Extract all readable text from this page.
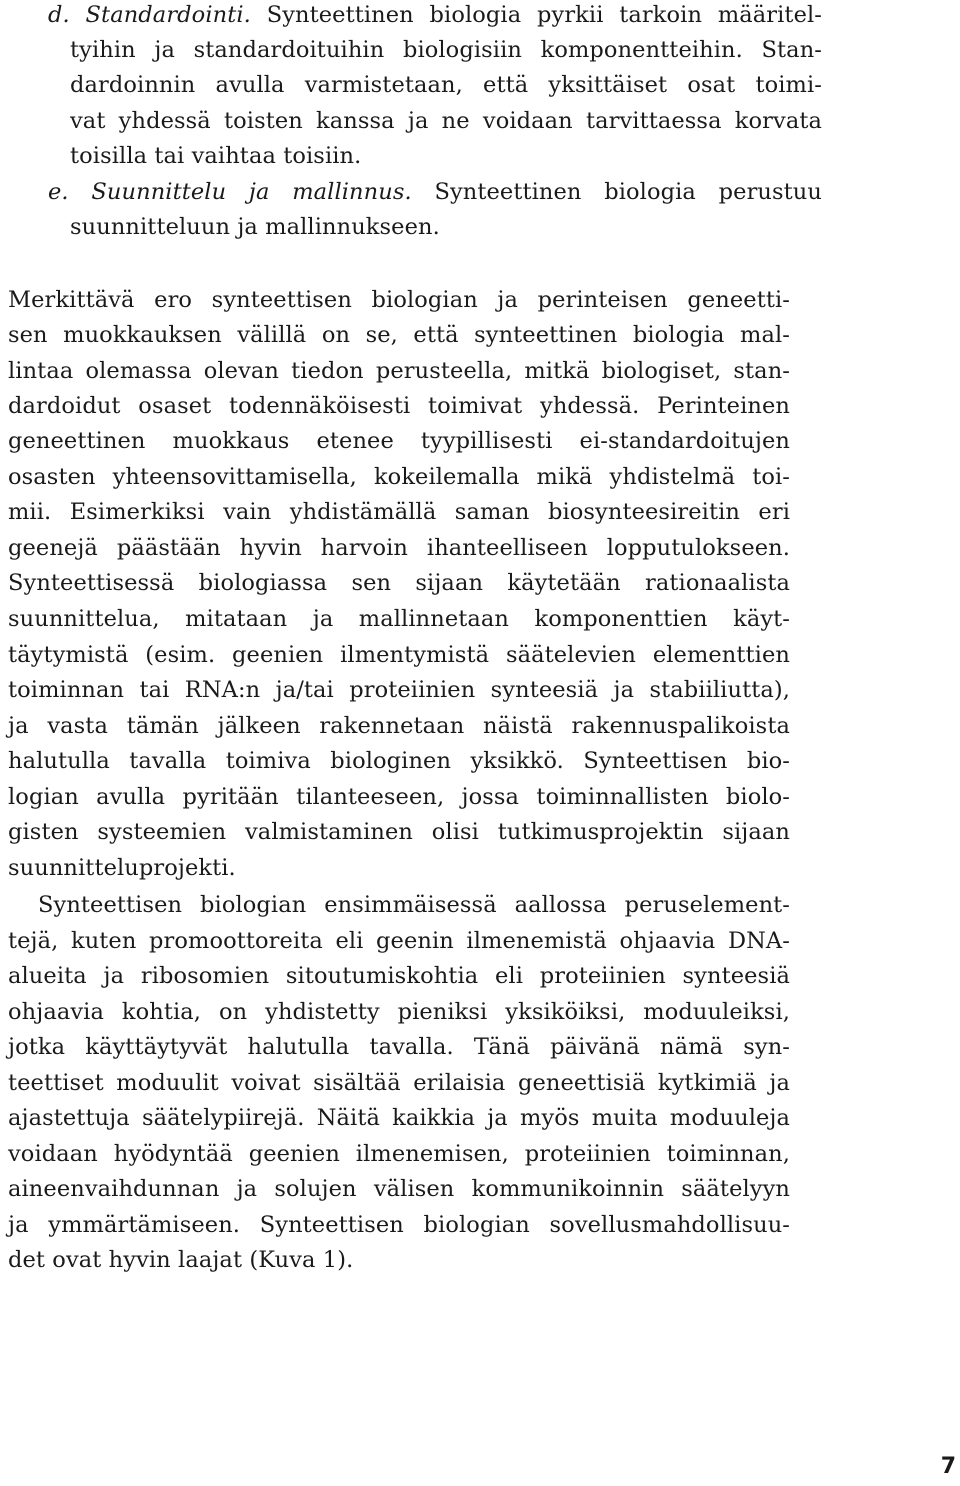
d. Standardointi. Synteettinen biologia pyrkii tarkoin määritel-
tyihin ja standardoituihin biologisiin komponentteihin. Stan-
dardoinnin avulla varmistetaan, että yksittäiset osat toimi-
vat yhdessä toisten kanssa ja ne voidaan tarvittaessa korvata
toisilla tai vaihtaa toisiin.
e. Suunnittelu ja mallinnus. Synteettinen biologia perustuu
suunnitteluun ja mallinnukseen.
Merkittävä ero synteettisen biologian ja perinteisen geneetti-
sen muokkauksen välillä on se, että synteettinen biologia mal-
lintaa olemassa olevan tiedon perusteella, mitkä biologiset, stan-
dardoidut osaset todennäköisesti toimivat yhdessä. Perinteinen
geneettinen muokkaus etenee tyypillisesti ei-standardoitujen
osasten yhteensovittamisella, kokeilemalla mikä yhdistelmä toi-
mii. Esimerkiksi vain yhdistämällä saman biosynteesireitin eri
geenejä päästään hyvin harvoin ihanteelliseen lopputulokseen.
Synteettisessä biologiassa sen sijaan käytetään rationaalista
suunnittelua, mitataan ja mallinnetaan komponenttien käyt-
täytymistä (esim. geenien ilmentymistä säätelevien elementtien
toiminnan tai RNA:n ja/tai proteiinien synteesiä ja stabiiliutta),
ja vasta tämän jälkeen rakennetaan näistä rakennuspalikoista
halutulla tavalla toimiva biologinen yksikkö. Synteettisen bio-
logian avulla pyritään tilanteeseen, jossa toiminnallisten biolo-
gisten systeemien valmistaminen olisi tutkimusprojektin sijaan
suunnitteluprojekti.
Synteettisen biologian ensimmäisessä aallossa peruselement-
tejä, kuten promoottoreita eli geenin ilmenemistä ohjaavia DNA-
alueita ja ribosomien sitoutumiskohtia eli proteiinien synteesiä
ohjaavia kohtia, on yhdistetty pieniksi yksiköiksi, moduuleiksi,
jotka käyttäytyvät halutulla tavalla. Tänä päivänä nämä syn-
teettiset moduulit voivat sisältää erilaisia geneettisiä kytkimiä ja
ajastettuja säätelypiirejä. Näitä kaikkia ja myös muita moduuleja
voidaan hyödyntää geenien ilmenemisen, proteiinien toiminnan,
aineenvaihdunnan ja solujen välisen kommunikoinnin säätelyyn
ja ymmärtämiseen. Synteettisen biologian sovellusmahdollisuu-
det ovat hyvin laajat (Kuva 1).
7
